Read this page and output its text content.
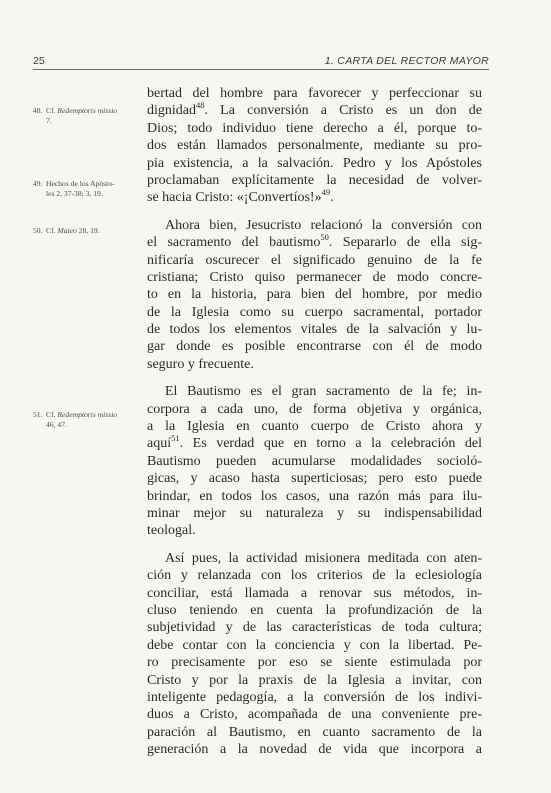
25	1. CARTA DEL RECTOR MAYOR
48. Cf. Redemptoris missio
7.
49. Hechos de los Apósto-
les 2, 37-38; 3, 19.
50. Cf. Mateo 28, 19.
51. Cf. Redemptoris missio
46, 47.
bertad del hombre para favorecer y perfeccionar su
dignidad$^{48}$. La conversión a Cristo es un don de
Dios; todo individuo tiene derecho a él, porque to-
dos están llamados personalmente, mediante su pro-
pia existencia, a la salvación. Pedro y los Apóstoles
proclamaban explícitamente la necesidad de volver-
se hacia Cristo: «¡Convertíos!»$^{49}$.
Ahora bien, Jesucristo relacionó la conversión con
el sacramento del bautismo$^{50}$. Separarlo de ella sig-
nificaría oscurecer el significado genuino de la fe
cristiana; Cristo quiso permanecer de modo concre-
to en la historia, para bien del hombre, por medio
de la Iglesia como su cuerpo sacramental, portador
de todos los elementos vitales de la salvación y lu-
gar donde es posible encontrarse con él de modo
seguro y frecuente.
El Bautismo es el gran sacramento de la fe; in-
corpora a cada uno, de forma objetiva y orgánica,
a la Iglesia en cuanto cuerpo de Cristo ahora y
aquí$^{51}$. Es verdad que en torno a la celebración del
Bautismo pueden acumularse modalidades socioló-
gicas, y acaso hasta superticiosas; pero esto puede
brindar, en todos los casos, una razón más para ilu-
minar mejor su naturaleza y su indispensabilidad
teologal.
Así pues, la actividad misionera meditada con aten-
ción y relanzada con los criterios de la eclesiología
conciliar, está llamada a renovar sus métodos, in-
cluso teniendo en cuenta la profundización de la
subjetividad y de las características de toda cultura;
debe contar con la conciencia y con la libertad. Pe-
ro precisamente por eso se siente estimulada por
Cristo y por la praxis de la Iglesia a invitar, con
inteligente pedagogía, a la conversión de los indivi-
duos a Cristo, acompañada de una conveniente pre-
paración al Bautismo, en cuanto sacramento de la
generación a la novedad de vida que incorpora a
